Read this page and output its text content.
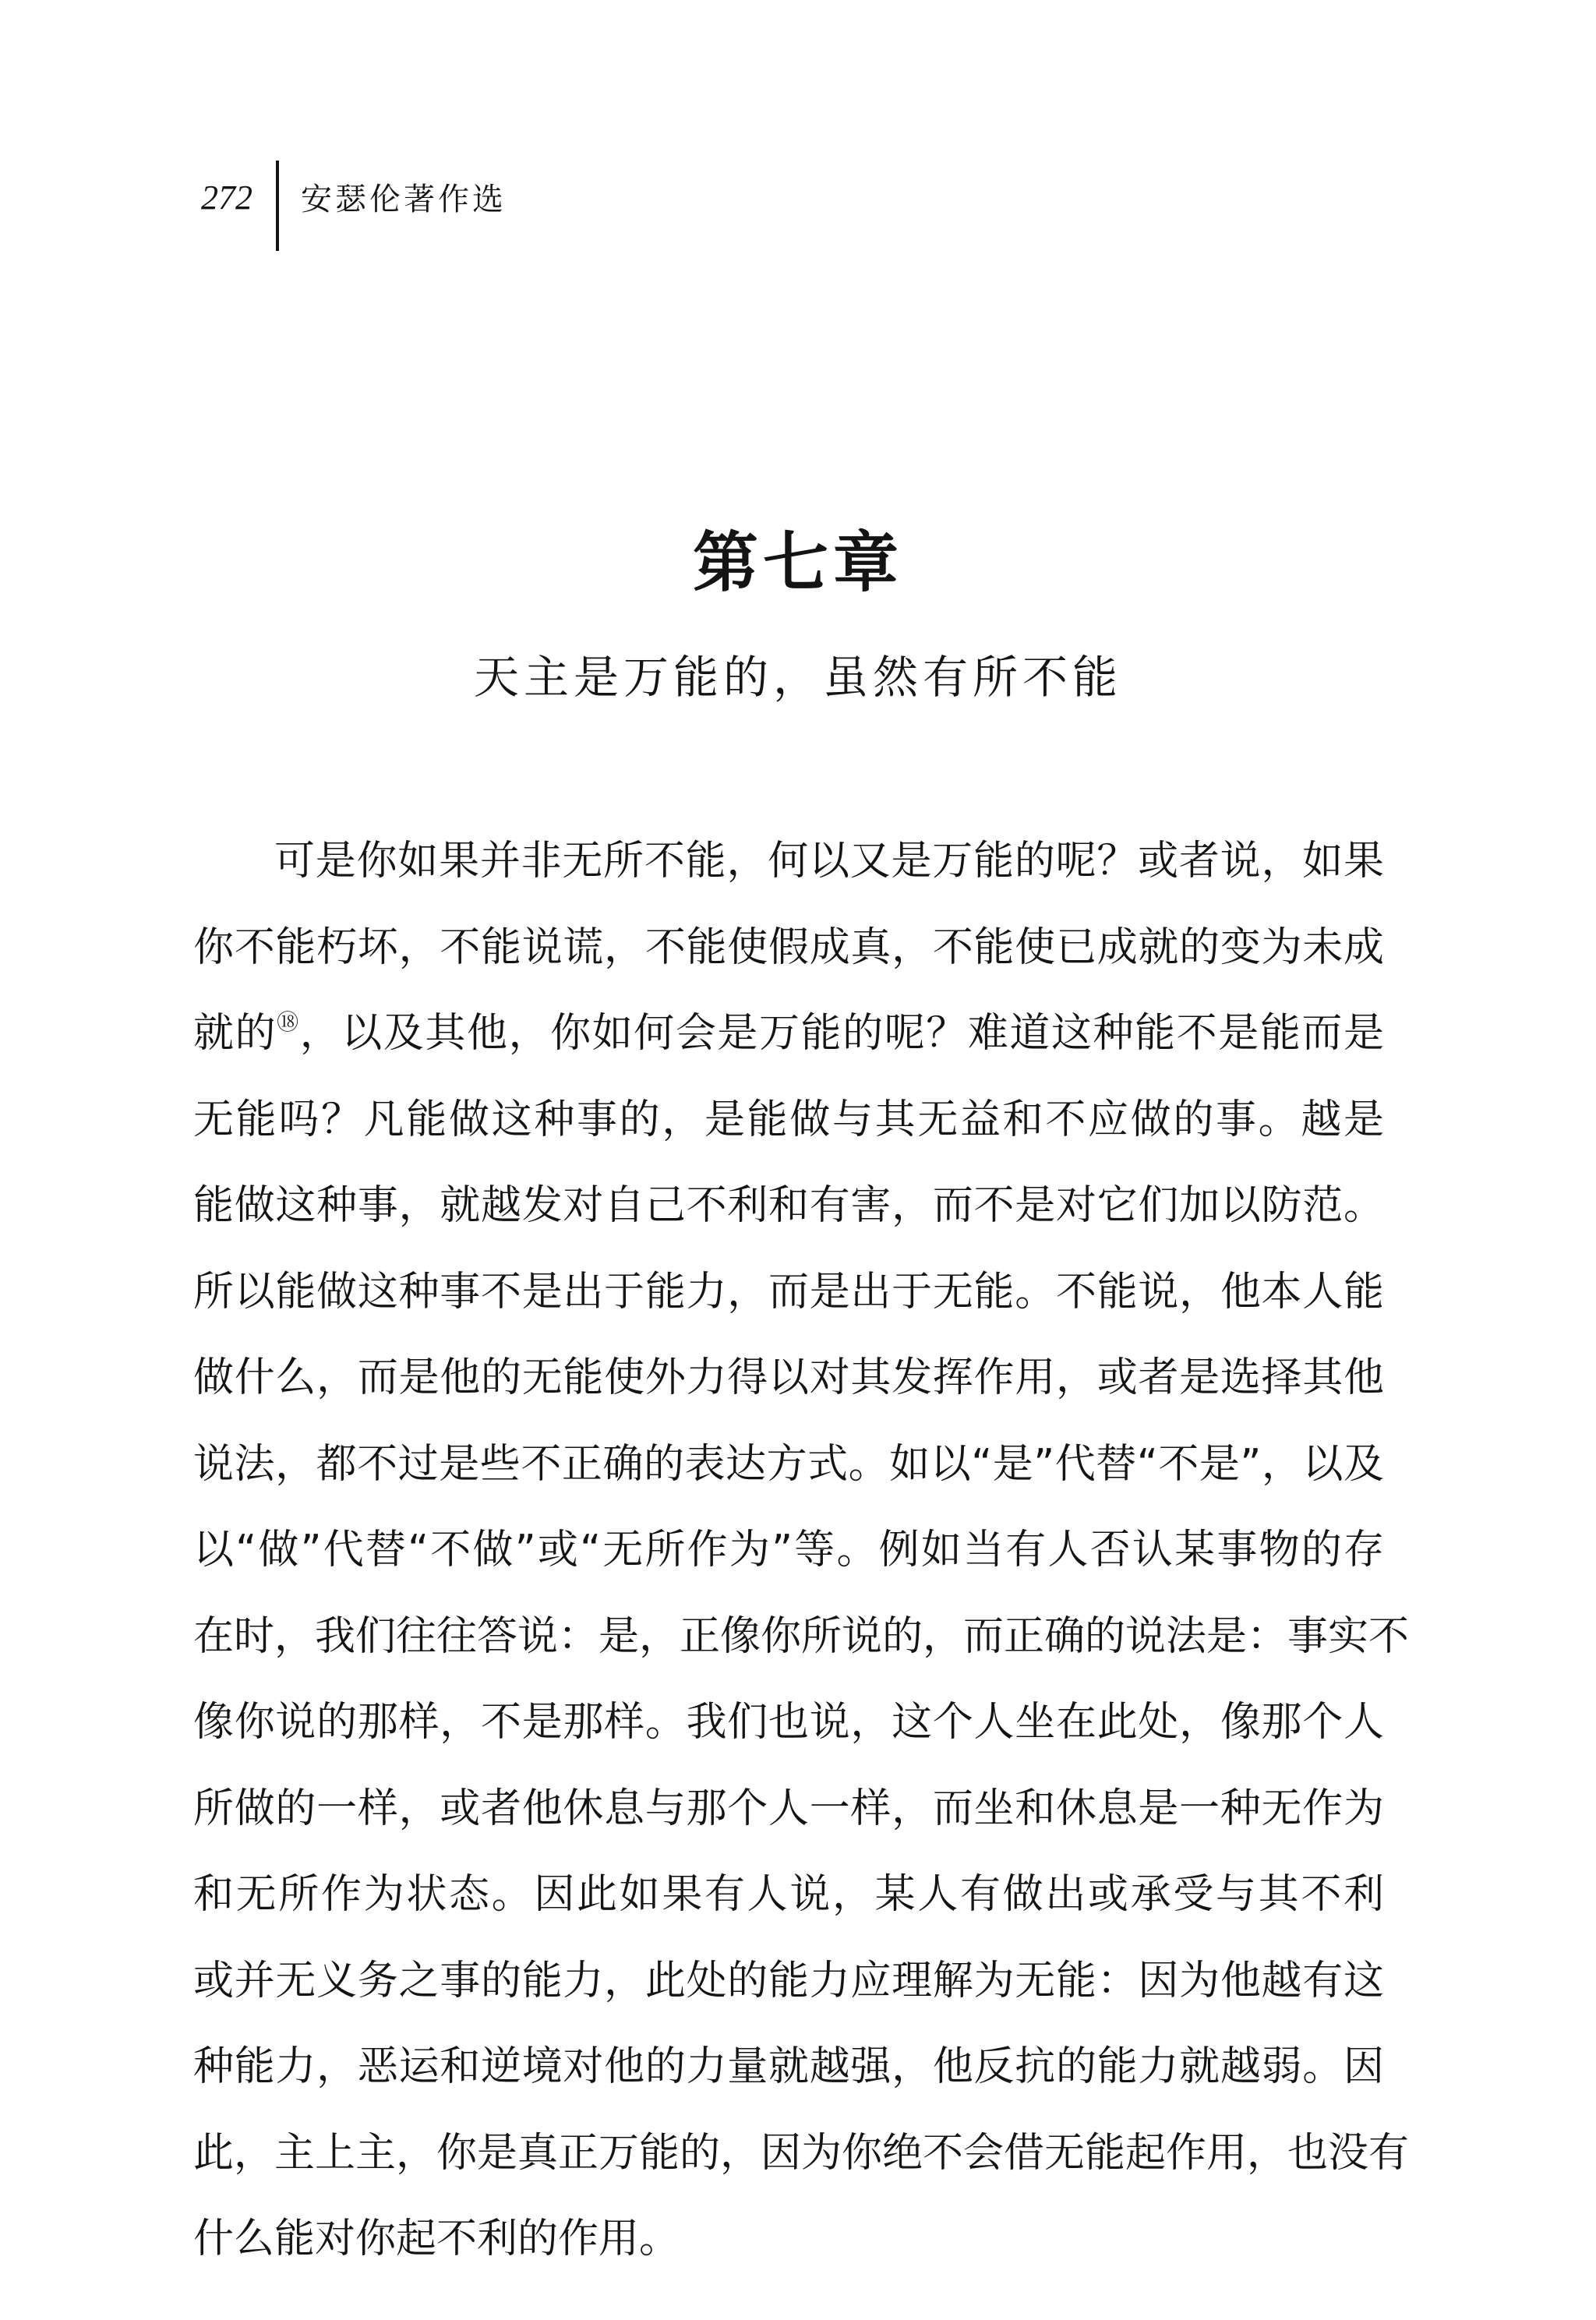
272 安瑟伦著作选
第七章
天主是万能的，虽然有所不能
可是你如果并非无所不能，何以又是万能的呢？或者说，如果
你不能朽坏，不能说谎，不能使假成真，不能使已成就的变为未成
就的⑱，以及其他，你如何会是万能的呢？难道这种能不是能而是
无能吗？凡能做这种事的，是能做与其无益和不应做的事。越是
能做这种事，就越发对自己不利和有害，而不是对它们加以防范。
所以能做这种事不是出于能力，而是出于无能。不能说，他本人能
做什么，而是他的无能使外力得以对其发挥作用，或者是选择其他
说法，都不过是些不正确的表达方式。如以“是”代替“不是”，以及
以“做”代替“不做”或“无所作为”等。例如当有人否认某事物的存
在时，我们往往答说：是，正像你所说的，而正确的说法是：事实不
像你说的那样，不是那样。我们也说，这个人坐在此处，像那个人
所做的一样，或者他休息与那个人一样，而坐和休息是一种无作为
和无所作为状态。因此如果有人说，某人有做出或承受与其不利
或并无义务之事的能力，此处的能力应理解为无能：因为他越有这
种能力，恶运和逆境对他的力量就越强，他反抗的能力就越弱。因
此，主上主，你是真正万能的，因为你绝不会借无能起作用，也没有
什么能对你起不利的作用。
